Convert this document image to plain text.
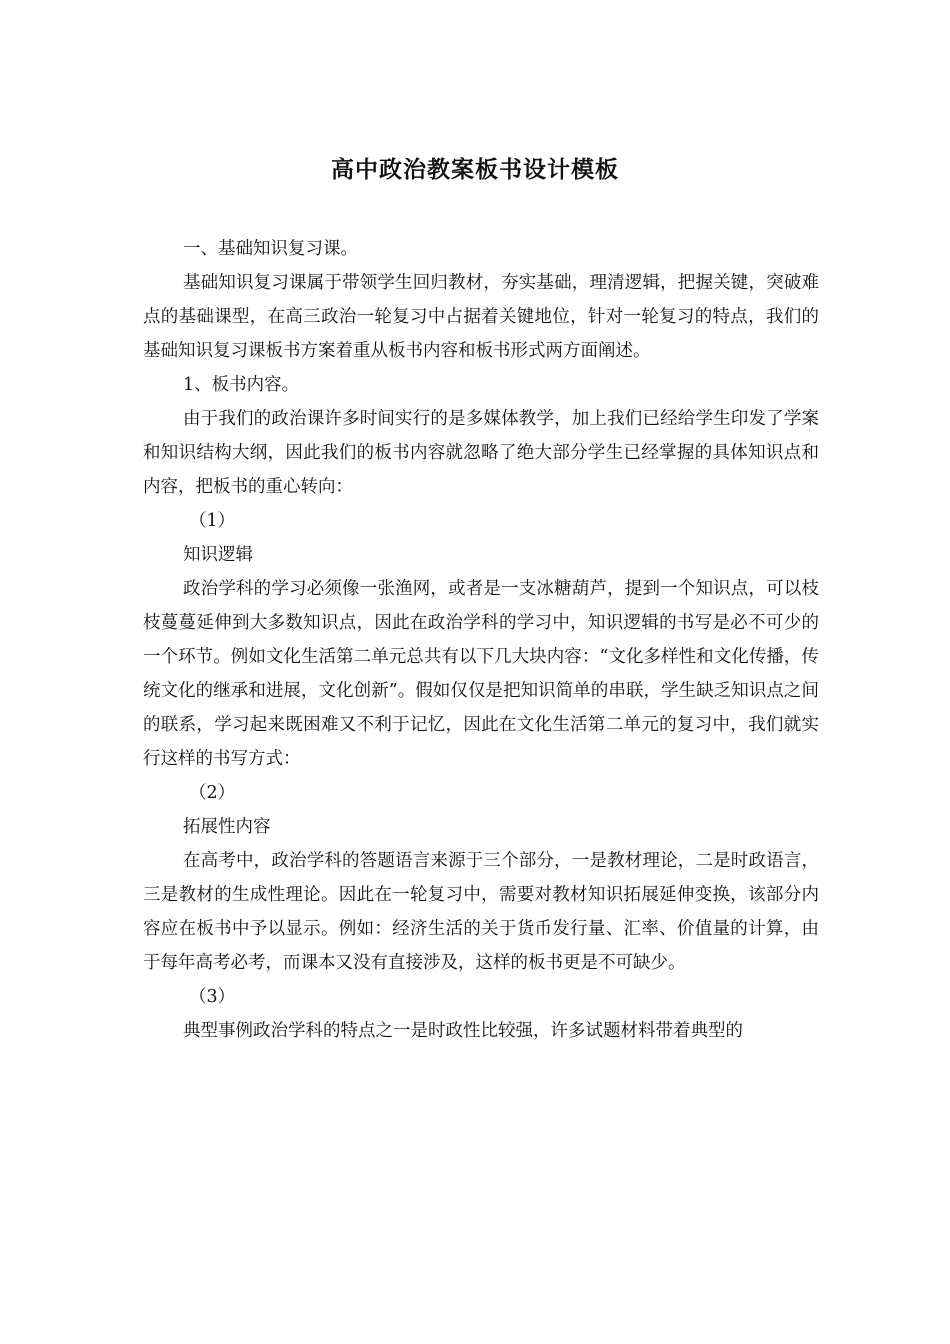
高中政治教案板书设计模板

一、基础知识复习课。

基础知识复习课属于带领学生回归教材，夯实基础，理清逻辑，把握关键，突破难点的基础课型，在高三政治一轮复习中占据着关键地位，针对一轮复习的特点，我们的基础知识复习课板书方案着重从板书内容和板书形式两方面阐述。

1、板书内容。

由于我们的政治课许多时间实行的是多媒体教学，加上我们已经给学生印发了学案和知识结构大纲，因此我们的板书内容就忽略了绝大部分学生已经掌握的具体知识点和内容，把板书的重心转向：

（1）

知识逻辑

政治学科的学习必须像一张渔网，或者是一支冰糖葫芦，提到一个知识点，可以枝枝蔓蔓延伸到大多数知识点，因此在政治学科的学习中，知识逻辑的书写是必不可少的一个环节。例如文化生活第二单元总共有以下几大块内容：“文化多样性和文化传播，传统文化的继承和进展，文化创新”。假如仅仅是把知识简单的串联，学生缺乏知识点之间的联系，学习起来既困难又不利于记忆，因此在文化生活第二单元的复习中，我们就实行这样的书写方式：

（2）

拓展性内容

在高考中，政治学科的答题语言来源于三个部分，一是教材理论，二是时政语言，三是教材的生成性理论。因此在一轮复习中，需要对教材知识拓展延伸变换，该部分内容应在板书中予以显示。例如：经济生活的关于货币发行量、汇率、价值量的计算，由于每年高考必考，而课本又没有直接涉及，这样的板书更是不可缺少。

（3）

典型事例政治学科的特点之一是时政性比较强，许多试题材料带着典型的
